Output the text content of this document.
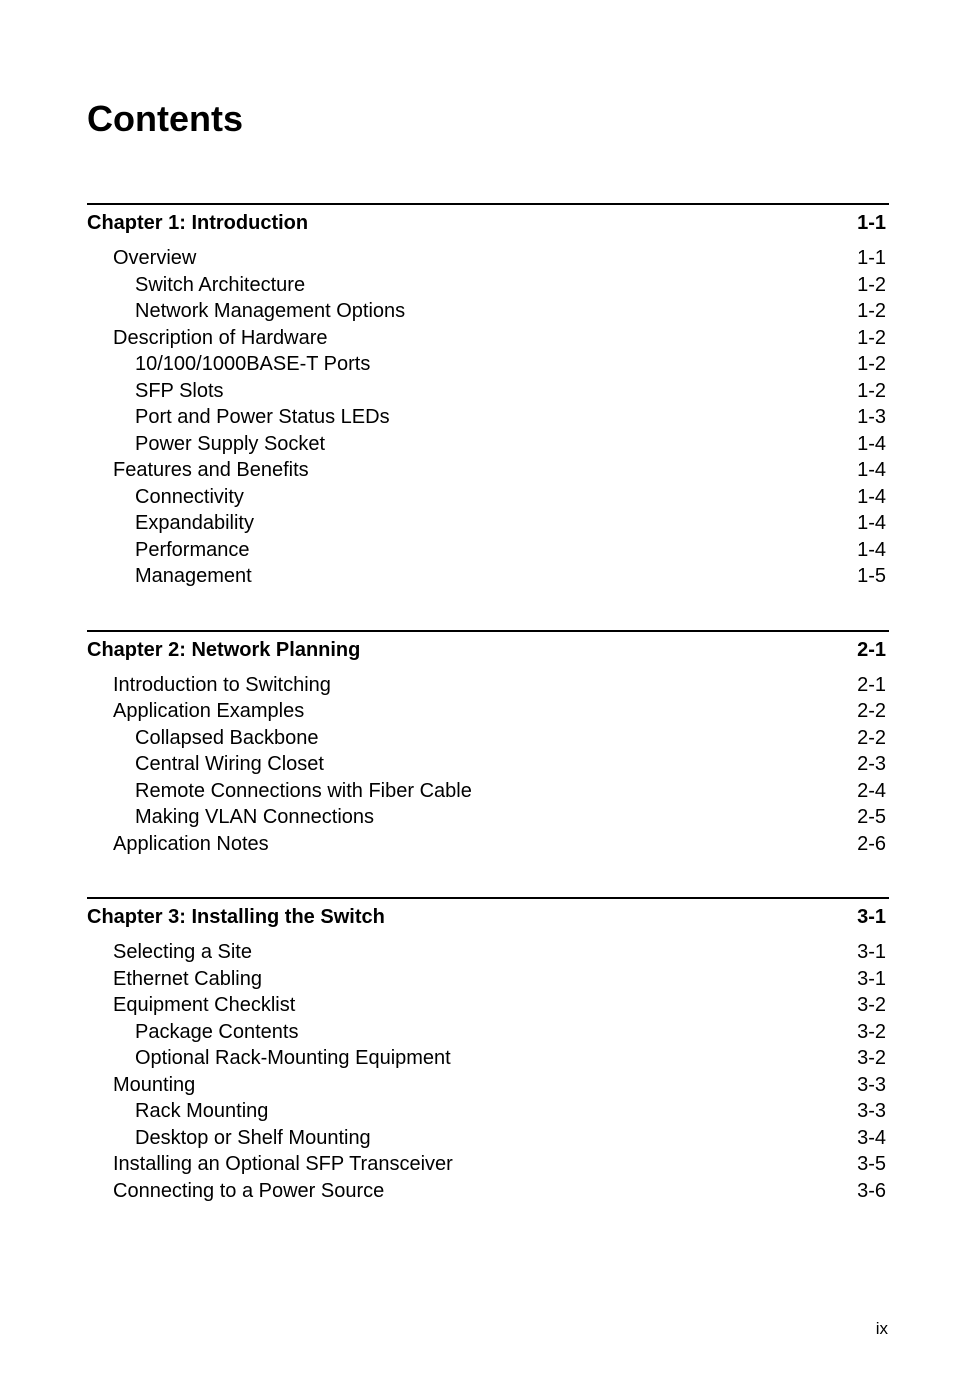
Contents
Chapter 1: Introduction	1-1
Overview	1-1
Switch Architecture	1-2
Network Management Options	1-2
Description of Hardware	1-2
10/100/1000BASE-T Ports	1-2
SFP Slots	1-2
Port and Power Status LEDs	1-3
Power Supply Socket	1-4
Features and Benefits	1-4
Connectivity	1-4
Expandability	1-4
Performance	1-4
Management	1-5
Chapter 2: Network Planning	2-1
Introduction to Switching	2-1
Application Examples	2-2
Collapsed Backbone	2-2
Central Wiring Closet	2-3
Remote Connections with Fiber Cable	2-4
Making VLAN Connections	2-5
Application Notes	2-6
Chapter 3: Installing the Switch	3-1
Selecting a Site	3-1
Ethernet Cabling	3-1
Equipment Checklist	3-2
Package Contents	3-2
Optional Rack-Mounting Equipment	3-2
Mounting	3-3
Rack Mounting	3-3
Desktop or Shelf Mounting	3-4
Installing an Optional SFP Transceiver	3-5
Connecting to a Power Source	3-6
ix
